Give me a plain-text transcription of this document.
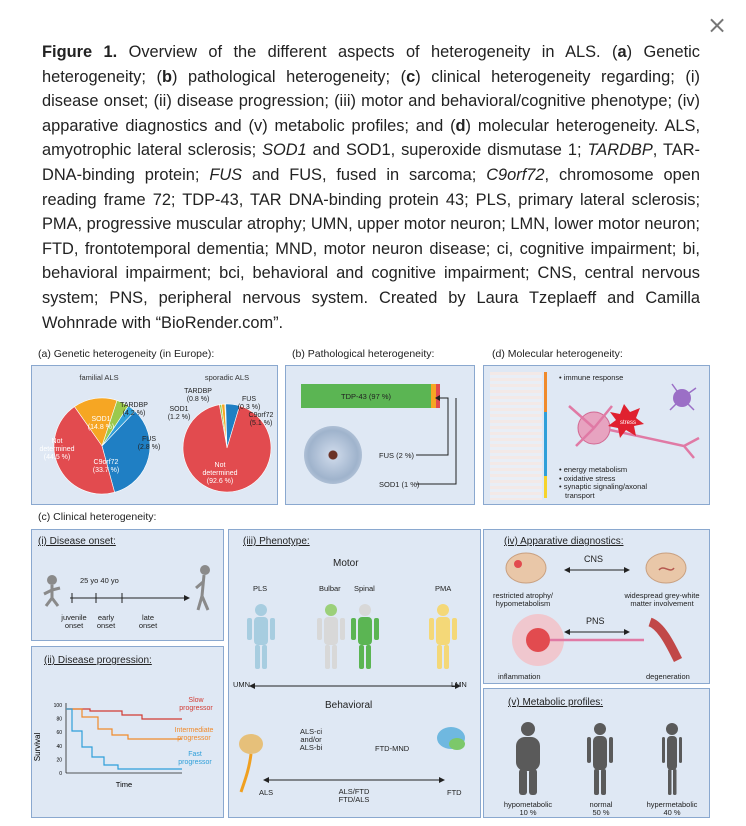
×
Figure 1. Overview of the different aspects of heterogeneity in ALS. (a) Genetic heterogeneity; (b) pathological heterogeneity; (c) clinical heterogeneity regarding; (i) disease onset; (ii) disease progression; (iii) motor and behavioral/cognitive phenotype; (iv) apparative diagnostics and (v) metabolic profiles; and (d) molecular heterogeneity. ALS, amyotrophic lateral sclerosis; SOD1 and SOD1, superoxide dismutase 1; TARDBP, TAR-DNA-binding protein; FUS and FUS, fused in sarcoma; C9orf72, chromosome open reading frame 72; TDP-43, TAR DNA-binding protein 43; PLS, primary lateral sclerosis; PMA, progressive muscular atrophy; UMN, upper motor neuron; LMN, lower motor neuron; FTD, frontotemporal dementia; MND, motor neuron disease; ci, cognitive impairment; bi, behavioral impairment; bci, behavioral and cognitive impairment; CNS, central nervous system; PNS, peripheral nervous system. Created by Laura Tzeplaeff and Camilla Wohnrade with “BioRender.com”.
(a) Genetic heterogeneity (in Europe):
familial ALS	sporadic ALS
SOD1
(14.8 %)
TARDBP
(4.2 %)
FUS
(2.8 %)
C9orf72
(33.7 %)
Not
determined
(44.5 %)
TARDBP
(0.8 %)
SOD1
(1.2 %)
FUS
(0.3 %)
C9orf72
(5.1 %)
Not
determined
(92.6 %)
(b) Pathological heterogeneity:
TDP-43 (97 %)
FUS (2 %)
SOD1 (1 %)
(d) Molecular heterogeneity:
• immune response
stress
• energy metabolism
• oxidative stress
• synaptic signaling/axonal
transport
(c) Clinical heterogeneity:
(i) Disease onset:
25 yo 40 yo
juvenile
onset
early
onset
late
onset
(ii) Disease progression:
Survival
100
80
60
40
20
0
Time
Slow
progressor
Intermediate
progressor
Fast
progressor
(iii) Phenotype:
Motor
PLS	Bulbar Spinal	PMA
UMN	LMN
Behavioral
ALS-ci
and/or
ALS-bi	FTD-MND
ALS	ALS/FTD
FTD/ALS
FTD
(iv) Apparative diagnostics:
CNS
restricted atrophy/
hypometabolism
widespread grey-white
matter involvement
PNS
inflammation	degeneration
(v) Metabolic profiles:
hypometabolic
10 %
normal
50 %
hypermetabolic
40 %
